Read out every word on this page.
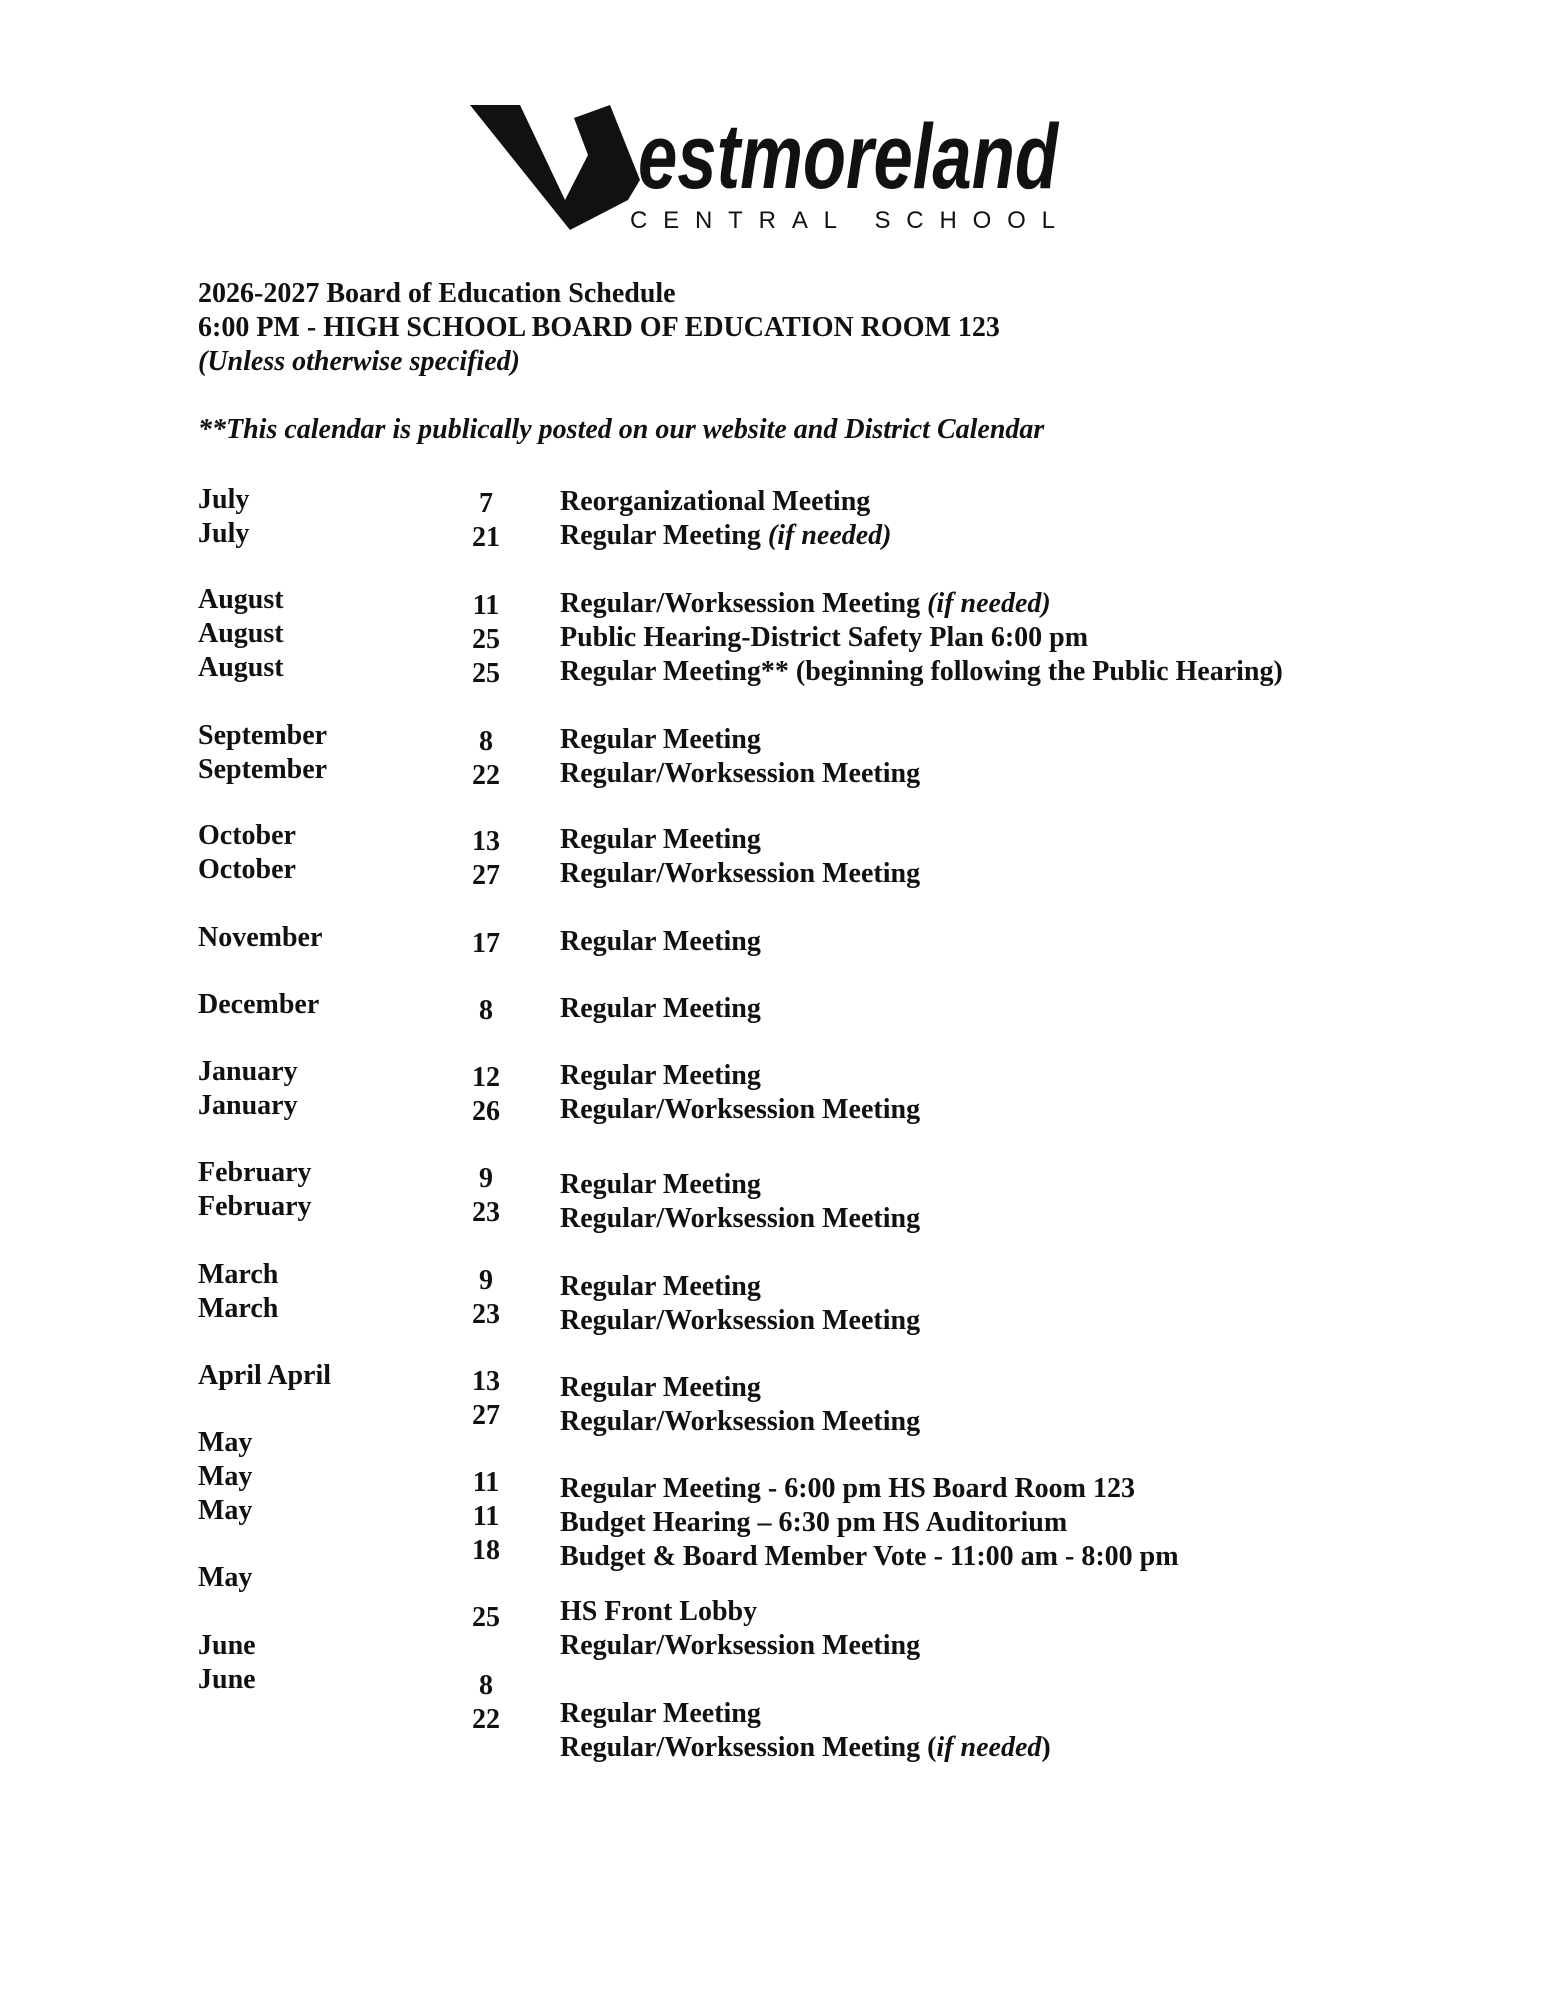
estmoreland
CENTRAL SCHOOL
2026-2027 Board of Education Schedule
6:00 PM - HIGH SCHOOL BOARD OF EDUCATION ROOM 123
(Unless otherwise specified)
**This calendar is publically posted on our website and District Calendar
July
July
August
August
August
September
September
October
October
November
December
January
January
February
February
March
March
April April
May
May
May
May
June
June
7
21
11
25
25
8
22
13
27
17
8
12
26
9
23
9
23
13
27
11
11
18
25
8
22
Reorganizational Meeting
Regular Meeting (if needed)
Regular/Worksession Meeting (if needed)
Public Hearing-District Safety Plan 6:00 pm
Regular Meeting** (beginning following the Public Hearing)
Regular Meeting
Regular/Worksession Meeting
Regular Meeting
Regular/Worksession Meeting
Regular Meeting
Regular Meeting
Regular Meeting
Regular/Worksession Meeting
Regular Meeting
Regular/Worksession Meeting
Regular Meeting
Regular/Worksession Meeting
Regular Meeting
Regular/Worksession Meeting
Regular Meeting - 6:00 pm HS Board Room 123
Budget Hearing – 6:30 pm HS Auditorium
Budget & Board Member Vote - 11:00 am - 8:00 pm
HS Front Lobby
Regular/Worksession Meeting
Regular Meeting
Regular/Worksession Meeting (if needed)
